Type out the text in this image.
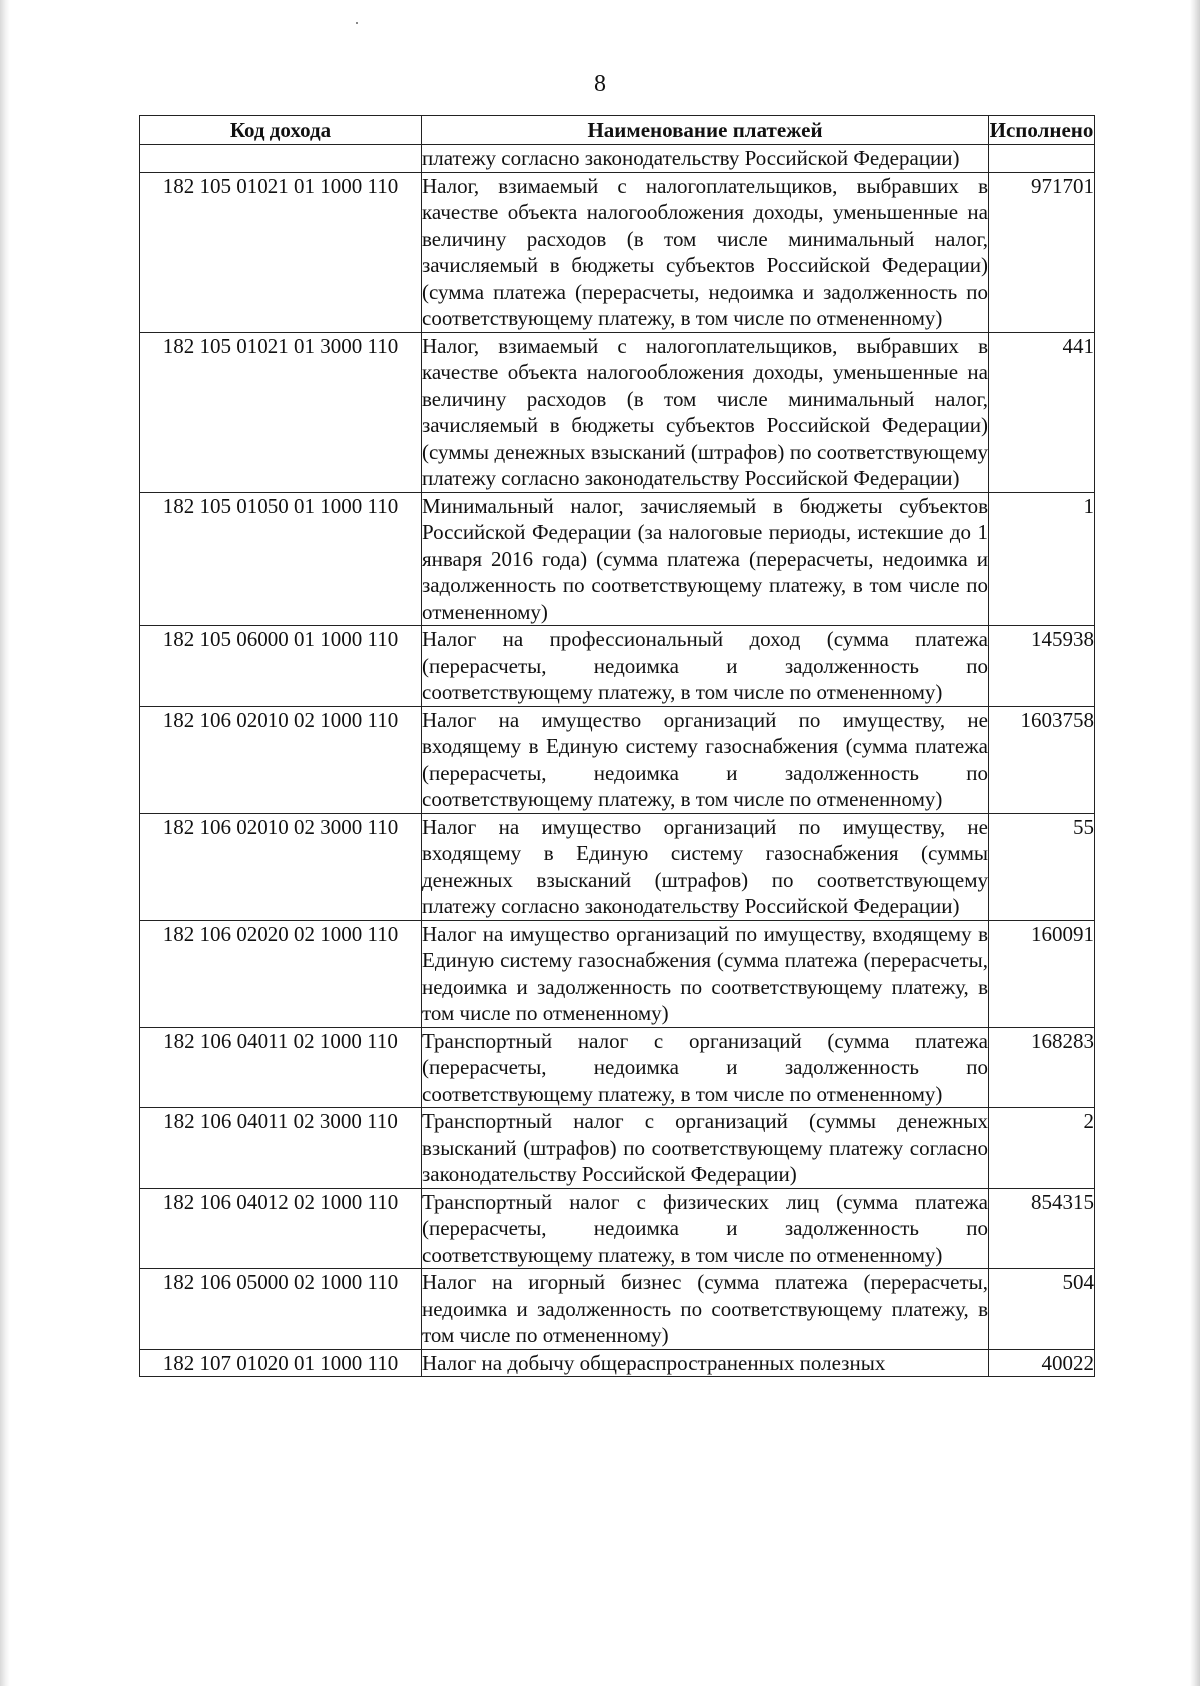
8
Код дохода	Наименование платежей	Исполнено
	платежу согласно законодательству Российской Федерации)	
182 105 01021 01 1000 110	Налог, взимаемый с налогоплательщиков, выбравших в качестве объекта налогообложения доходы, уменьшенные на величину расходов (в том числе минимальный налог, зачисляемый в бюджеты субъектов Российской Федерации) (сумма платежа (перерасчеты, недоимка и задолженность по соответствующему платежу, в том числе по отмененному)	971701
182 105 01021 01 3000 110	Налог, взимаемый с налогоплательщиков, выбравших в качестве объекта налогообложения доходы, уменьшенные на величину расходов (в том числе минимальный налог, зачисляемый в бюджеты субъектов Российской Федерации) (суммы денежных взысканий (штрафов) по соответствующему платежу согласно законодательству Российской Федерации)	441
182 105 01050 01 1000 110	Минимальный налог, зачисляемый в бюджеты субъектов Российской Федерации (за налоговые периоды, истекшие до 1 января 2016 года) (сумма платежа (перерасчеты, недоимка и задолженность по соответствующему платежу, в том числе по отмененному)	1
182 105 06000 01 1000 110	Налог на профессиональный доход (сумма платежа (перерасчеты, недоимка и задолженность по соответствующему платежу, в том числе по отмененному)	145938
182 106 02010 02 1000 110	Налог на имущество организаций по имуществу, не входящему в Единую систему газоснабжения (сумма платежа (перерасчеты, недоимка и задолженность по соответствующему платежу, в том числе по отмененному)	1603758
182 106 02010 02 3000 110	Налог на имущество организаций по имуществу, не входящему в Единую систему газоснабжения (суммы денежных взысканий (штрафов) по соответствующему платежу согласно законодательству Российской Федерации)	55
182 106 02020 02 1000 110	Налог на имущество организаций по имуществу, входящему в Единую систему газоснабжения (сумма платежа (перерасчеты, недоимка и задолженность по соответствующему платежу, в том числе по отмененному)	160091
182 106 04011 02 1000 110	Транспортный налог с организаций (сумма платежа (перерасчеты, недоимка и задолженность по соответствующему платежу, в том числе по отмененному)	168283
182 106 04011 02 3000 110	Транспортный налог с организаций (суммы денежных взысканий (штрафов) по соответствующему платежу согласно законодательству Российской Федерации)	2
182 106 04012 02 1000 110	Транспортный налог с физических лиц (сумма платежа (перерасчеты, недоимка и задолженность по соответствующему платежу, в том числе по отмененному)	854315
182 106 05000 02 1000 110	Налог на игорный бизнес (сумма платежа (перерасчеты, недоимка и задолженность по соответствующему платежу, в том числе по отмененному)	504
182 107 01020 01 1000 110	Налог на добычу общераспространенных полезных	40022
